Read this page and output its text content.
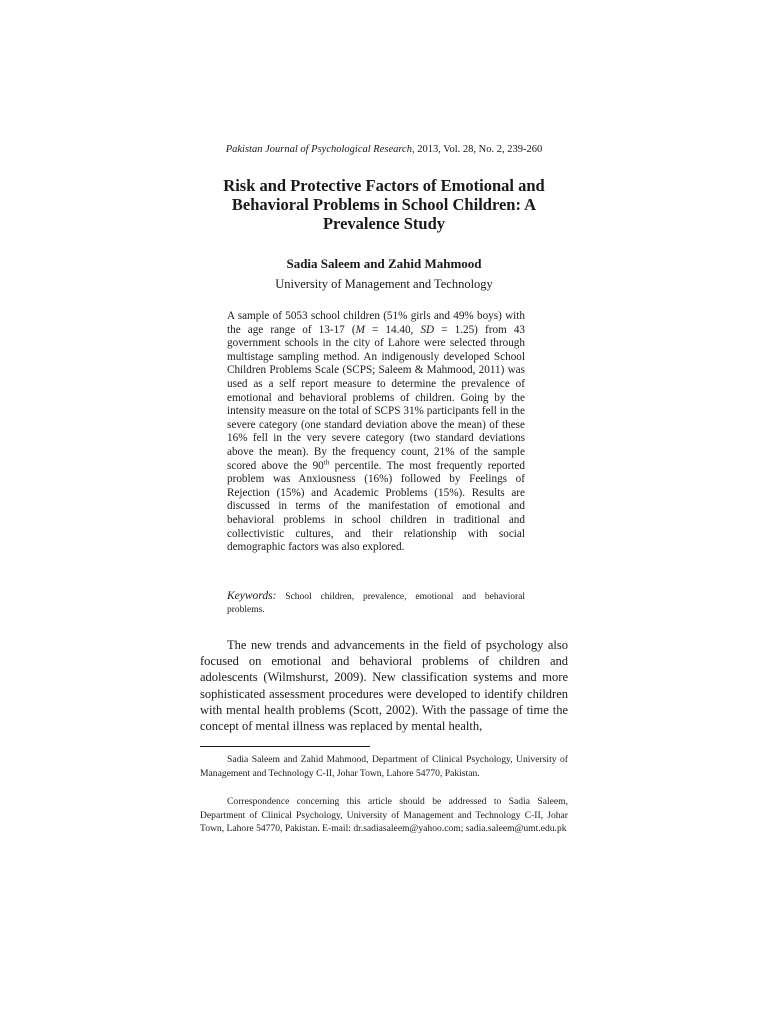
Pakistan Journal of Psychological Research, 2013, Vol. 28, No. 2, 239-260
Risk and Protective Factors of Emotional and Behavioral Problems in School Children: A Prevalence Study
Sadia Saleem and Zahid Mahmood
University of Management and Technology

A sample of 5053 school children (51% girls and 49% boys) with the age range of 13-17 (M = 14.40, SD = 1.25) from 43 government schools in the city of Lahore were selected through multistage sampling method. An indigenously developed School Children Problems Scale (SCPS; Saleem & Mahmood, 2011) was used as a self report measure to determine the prevalence of emotional and behavioral problems of children. Going by the intensity measure on the total of SCPS 31% participants fell in the severe category (one standard deviation above the mean) of these 16% fell in the very severe category (two standard deviations above the mean). By the frequency count, 21% of the sample scored above the 90th percentile. The most frequently reported problem was Anxiousness (16%) followed by Feelings of Rejection (15%) and Academic Problems (15%). Results are discussed in terms of the manifestation of emotional and behavioral problems in school children in traditional and collectivistic cultures, and their relationship with social demographic factors was also explored.

Keywords: School children, prevalence, emotional and behavioral problems.

The new trends and advancements in the field of psychology also focused on emotional and behavioral problems of children and adolescents (Wilmshurst, 2009). New classification systems and more sophisticated assessment procedures were developed to identify children with mental health problems (Scott, 2002). With the passage of time the concept of mental illness was replaced by mental health,

Sadia Saleem and Zahid Mahmood, Department of Clinical Psychology, University of Management and Technology C-II, Johar Town, Lahore 54770, Pakistan.

Correspondence concerning this article should be addressed to Sadia Saleem, Department of Clinical Psychology, University of Management and Technology C-II, Johar Town, Lahore 54770, Pakistan. E-mail: dr.sadiasaleem@yahoo.com; sadia.saleem@umt.edu.pk
